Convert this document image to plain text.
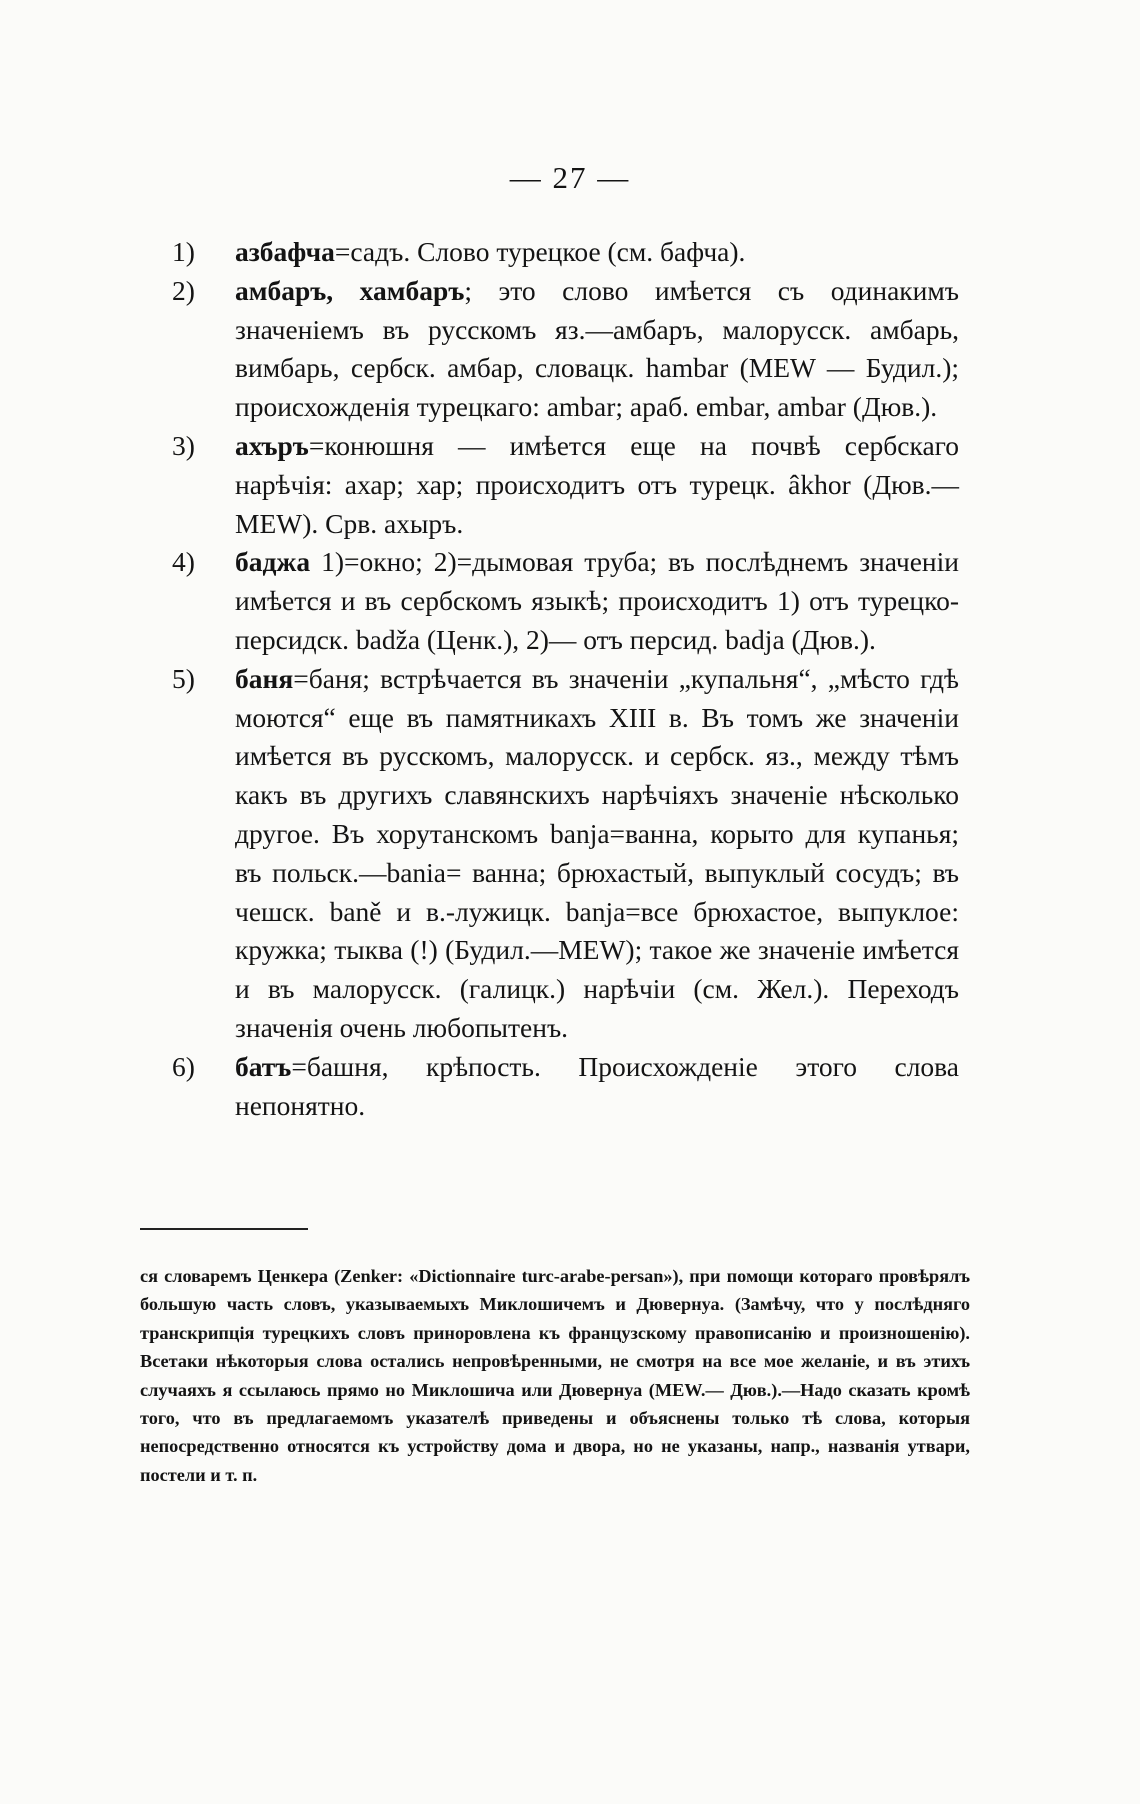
— 27 —
1) азбафча=садъ. Слово турецкое (см. бафча).
2) амбаръ, хамбаръ; это слово имѣется съ одинакимъ значеніемъ въ русскомъ яз.—амбаръ, малорусск. амбарь, вимбарь, сербск. амбар, словацк. hambar (MEW — Будил.); происхожденія турецкаго: ambar; араб. embar, ambar (Дюв.).
3) ахъръ=конюшня — имѣется еще на почвѣ сербскаго нарѣчія: ахар; хар; происходитъ отъ турецк. âkhor (Дюв.—MEW). Срв. ахыръ.
4) баджа 1)=окно; 2)=дымовая труба; въ послѣднемъ значеніи имѣется и въ сербскомъ языкѣ; происходитъ 1) отъ турецко-персидск. badža (Ценк.), 2)— отъ персид. badja (Дюв.).
5) баня=баня; встрѣчается въ значеніи „купальня“, „мѣсто гдѣ моются“ еще въ памятникахъ XIII в. Въ томъ же значеніи имѣется въ русскомъ, малорусск. и сербск. яз., между тѣмъ какъ въ другихъ славянскихъ нарѣчіяхъ значеніе нѣсколько другое. Въ хорутанскомъ banja=ванна, корыто для купанья; въ польск.—bania= ванна; брюхастый, выпуклый сосудъ; въ чешск. baně и в.-лужицк. banja=все брюхастое, выпуклое: кружка; тыква (!) (Будил.—MEW); такое же значеніе имѣется и въ малорусск. (галицк.) нарѣчіи (см. Жел.). Переходъ значенія очень любопытенъ.
6) батъ=башня, крѣпость. Происхожденіе этого слова непонятно.
ся словаремъ Ценкера (Zenker: «Dictionnaire turc-arabe-persan»), при помощи котораго провѣрялъ большую часть словъ, указываемыхъ Миклошичемъ и Дювернуа. (Замѣчу, что у послѣдняго транскрипція турецкихъ словъ приноровлена къ французскому правописанію и произношенію). Всетаки нѣкоторыя слова остались непровѣренными, не смотря на все мое желаніе, и въ этихъ случаяхъ я ссылаюсь прямо но Миклошича или Дювернуа (MEW.— Дюв.).—Надо сказать кромѣ того, что въ предлагаемомъ указателѣ приведены и объяснены только тѣ слова, которыя непосредственно относятся къ устройству дома и двора, но не указаны, напр., названія утвари, постели и т. п.
